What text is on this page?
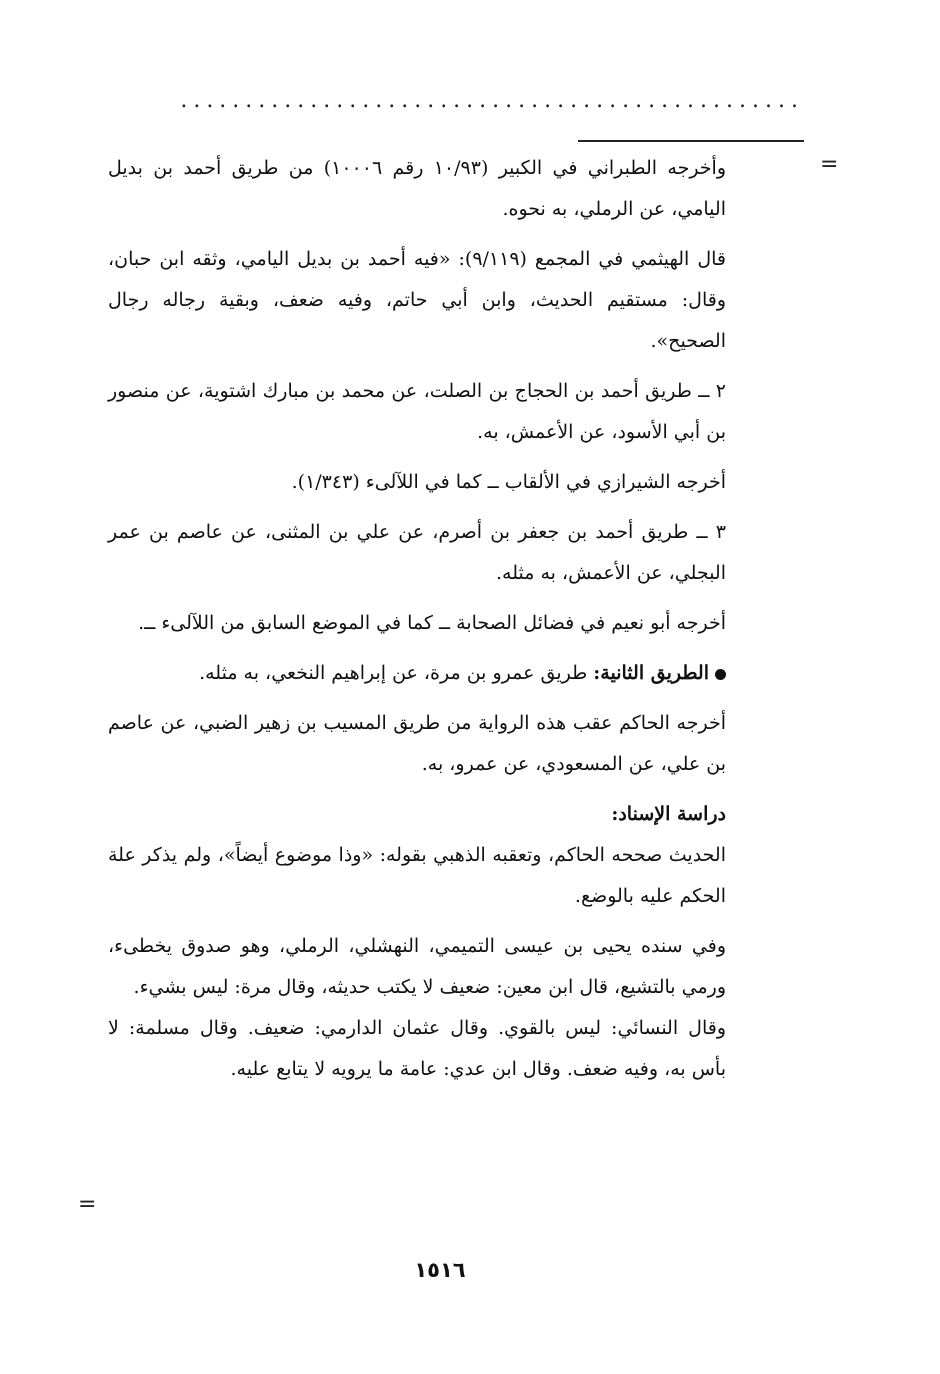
................................................
=

وأخرجه الطبراني في الكبير (١٠/٩٣ رقم ١٠٠٠٦) من طريق أحمد بن بديل اليامي، عن الرملي، به نحوه.

قال الهيثمي في المجمع (٩/١١٩): «فيه أحمد بن بديل اليامي، وثقه ابن حبان، وقال: مستقيم الحديث، وابن أبي حاتم، وفيه ضعف، وبقية رجاله رجال الصحيح».

٢ ــ طريق أحمد بن الحجاج بن الصلت، عن محمد بن مبارك اشتوية، عن منصور بن أبي الأسود، عن الأعمش، به.

أخرجه الشيرازي في الألقاب ــ كما في اللآلىء (١/٣٤٣).

٣ ــ طريق أحمد بن جعفر بن أصرم، عن علي بن المثنى، عن عاصم بن عمر البجلي، عن الأعمش، به مثله.

أخرجه أبو نعيم في فضائل الصحابة ــ كما في الموضع السابق من اللآلىء ــ.

الطريق الثانية: طريق عمرو بن مرة، عن إبراهيم النخعي، به مثله.

أخرجه الحاكم عقب هذه الرواية من طريق المسيب بن زهير الضبي، عن عاصم بن علي، عن المسعودي، عن عمرو، به.

دراسة الإسناد:

الحديث صححه الحاكم، وتعقبه الذهبي بقوله: «وذا موضوع أيضاً»، ولم يذكر علة الحكم عليه بالوضع.

وفي سنده يحيى بن عيسى التميمي، النهشلي، الرملي، وهو صدوق يخطىء، ورمي بالتشيع، قال ابن معين: ضعيف لا يكتب حديثه، وقال مرة: ليس بشيء.

وقال النسائي: ليس بالقوي. وقال عثمان الدارمي: ضعيف. وقال مسلمة: لا بأس به، وفيه ضعف. وقال ابن عدي: عامة ما يرويه لا يتابع عليه.

=
١٥١٦
